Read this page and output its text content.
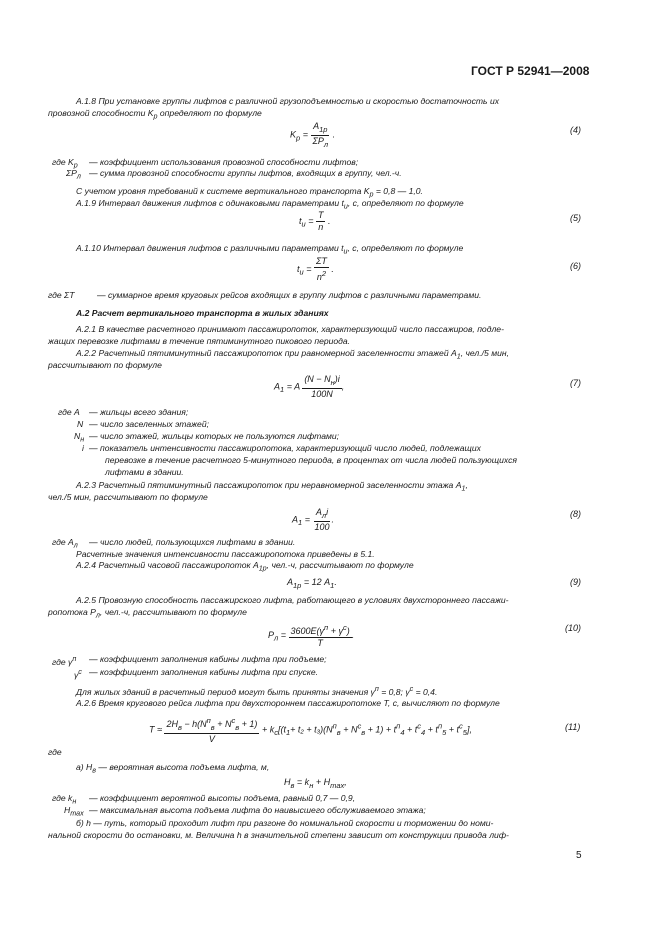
ГОСТ Р 52941—2008
А.1.8 При установке группы лифтов с различной грузоподъемностью и скоростью достаточность их
провозной способности $K_р$ определяют по формуле
$K_р = \frac{A_{1р}}{\Sigma P_л}$ .	(4)
где $K_р$ — коэффициент использования провозной способности лифтов;
$\Sigma P_л$ — сумма провозной способности группы лифтов, входящих в группу, чел.-ч.
С учетом уровня требований к системе вертикального транспорта $K_р = 0,8$ — 1,0.
А.1.9 Интервал движения лифтов с одинаковыми параметрами $t_u$, с, определяют по формуле
$t_u = \frac{T}{n}$ .	(5)
А.1.10 Интервал движения лифтов с различными параметрами $t_u$, с, определяют по формуле
$t_u = \frac{\Sigma T}{n^2}$ .	(6)
где ΣT	— суммарное время круговых рейсов входящих в группу лифтов с различными параметрами.
А.2 Расчет вертикального транспорта в жилых зданиях
А.2.1 В качестве расчетного принимают пассажиропоток, характеризующий число пассажиров, подле-
жащих перевозке лифтами в течение пятиминутного пикового периода.
А.2.2 Расчетный пятиминутный пассажиропоток при равномерной заселенности этажей $A_1$, чел./5 мин,
рассчитывают по формуле
$A_1 = A \frac{(N - N_н)i}{100N}$ ,	(7)
где A — жильцы всего здания;
N — число заселенных этажей;
$N_н$ — число этажей, жильцы которых не пользуются лифтами;
i — показатель интенсивности пассажиропотока, характеризующий число людей, подлежащих
перевозке в течение расчетного 5-минутного периода, в процентах от числа людей пользующихся
лифтами в здании.
А.2.3 Расчетный пятиминутный пассажиропоток при неравномерной заселенности этажа $A_1$,
чел./5 мин, рассчитывают по формуле
$A_1 = \frac{A_лi}{100}$ .
(8)
где $A_л$ — число людей, пользующихся лифтами в здании.
Расчетные значения интенсивности пассажиропотока приведены в 5.1.
А.2.4 Расчетный часовой пассажиропоток $A_{1р}$, чел.-ч, рассчитывают по формуле
$A_{1р} = 12$ $A_1$.	(9)
А.2.5 Провозную способность пассажирского лифта, работающего в условиях двухстороннего пассажи-
ропотока $P_л$, чел.-ч, рассчитывают по формуле
$P_л = \frac{3600E(\gamma^п + \gamma^с)}{T}$ .
(10)
где $\gamma^п$ — коэффициент заполнения кабины лифта при подъеме;
$\gamma^с$ — коэффициент заполнения кабины лифта при спуске.
Для жилых зданий в расчетный период могут быть приняты значения $\gamma^п = 0,8$; $\gamma^с = 0,4$.
А.2.6 Время кругового рейса лифта при двухстороннем пассажиропотоке T, с, вычисляют по формуле
$T \approx \frac{2H_в - h(N^п_в + N^с_в + 1)}{V} + k_с[(t_1+ t_2 + t_3)(N^п_в + N^с_в + 1) + t^п_4 + t^с_4 + t^п_5 + t^с_5]$,	(11)
где
а) $H_в$ — вероятная высота подъема лифта, м,
$H_в = k_н + H_{max}$,
где $k_н$ — коэффициент вероятной высоты подъема, равный 0,7 — 0,9,
$H_{max}$ — максимальная высота подъема лифта до наивысшего обслуживаемого этажа;
б) h — путь, который проходит лифт при разгоне до номинальной скорости и торможении до номи-
нальной скорости до остановки, м. Величина h в значительной степени зависит от конструкции привода лиф-
5
